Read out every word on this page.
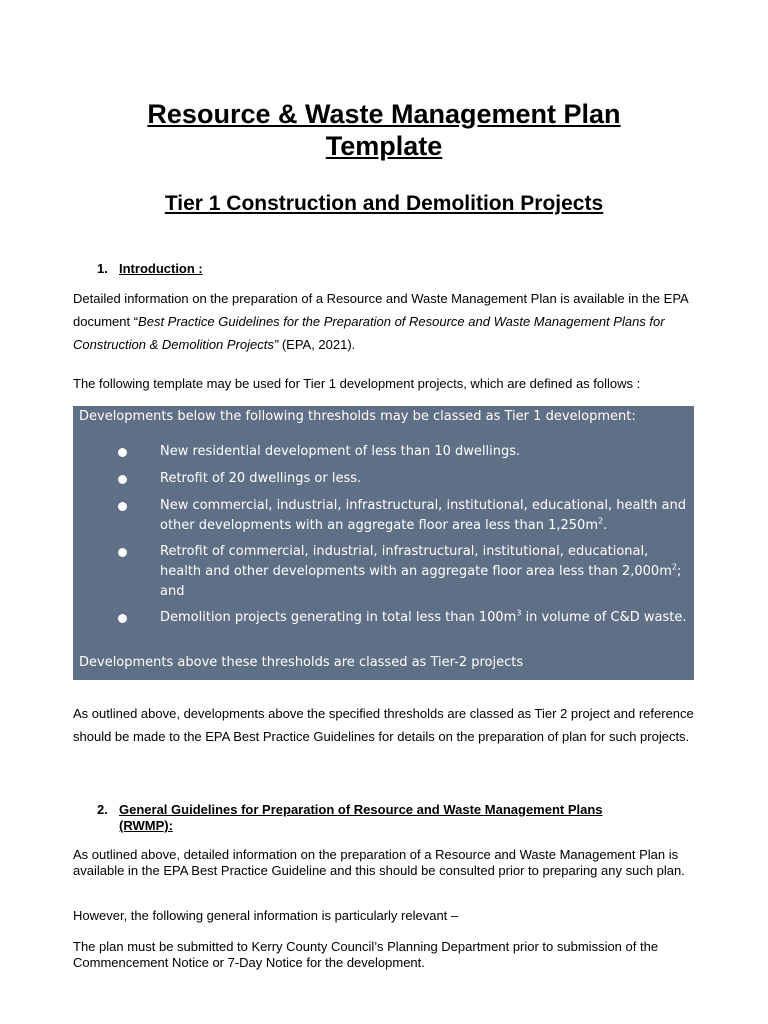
Resource & Waste Management Plan
Template
Tier 1 Construction and Demolition Projects
1. Introduction :
Detailed information on the preparation of a Resource and Waste Management Plan is available in the EPA document “Best Practice Guidelines for the Preparation of Resource and Waste Management Plans for Construction & Demolition Projects” (EPA, 2021).
The following template may be used for Tier 1 development projects, which are defined as follows :
Developments below the following thresholds may be classed as Tier 1 development:
New residential development of less than 10 dwellings.
Retrofit of 20 dwellings or less.
New commercial, industrial, infrastructural, institutional, educational, health and other developments with an aggregate floor area less than $1,250m^2$.
Retrofit of commercial, industrial, infrastructural, institutional, educational, health and other developments with an aggregate floor area less than $2,000m^2$; and
Demolition projects generating in total less than $100m^3$ in volume of C&D waste.
Developments above these thresholds are classed as Tier-2 projects
As outlined above, developments above the specified thresholds are classed as Tier 2 project and reference should be made to the EPA Best Practice Guidelines for details on the preparation of plan for such projects.
2. General Guidelines for Preparation of Resource and Waste Management Plans
(RWMP):
As outlined above, detailed information on the preparation of a Resource and Waste Management Plan is available in the EPA Best Practice Guideline and this should be consulted prior to preparing any such plan.
However, the following general information is particularly relevant –
The plan must be submitted to Kerry County Council’s Planning Department prior to submission of the Commencement Notice or 7-Day Notice for the development.
